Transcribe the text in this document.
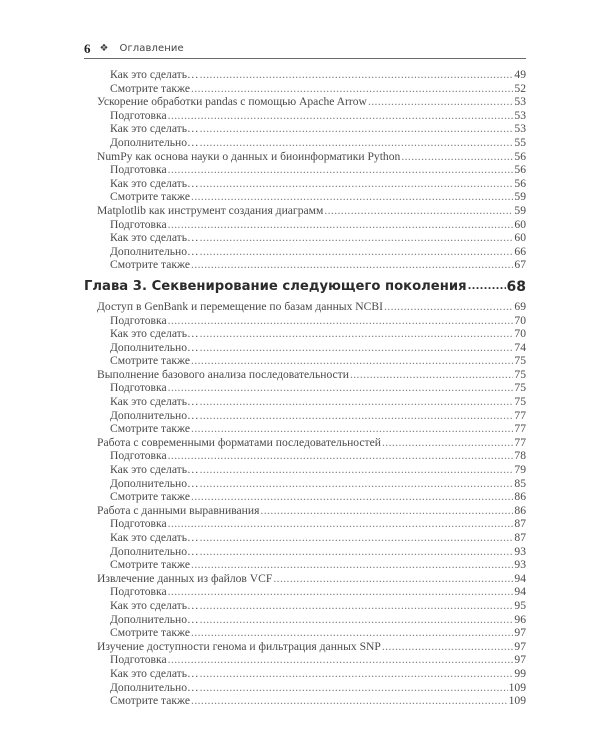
6 ❖ Оглавление
Как это сделать… .....	49
Смотрите также .....	52
Ускорение обработки pandas с помощью Apache Arrow .....	53
Подготовка .....	53
Как это сделать… .....	53
Дополнительно… .....	55
NumPy как основа науки о данных и биоинформатики Python .....	56
Подготовка .....	56
Как это сделать… .....	56
Смотрите также .....	59
Matplotlib как инструмент создания диаграмм .....	59
Подготовка .....	60
Как это сделать… .....	60
Дополнительно… .....	66
Смотрите также .....	67
Глава 3. Секвенирование следующего поколения .....	68
Доступ в GenBank и перемещение по базам данных NCBI .....	69
Подготовка .....	70
Как это сделать… .....	70
Дополнительно… .....	74
Смотрите также .....	75
Выполнение базового анализа последовательности .....	75
Подготовка .....	75
Как это сделать… .....	75
Дополнительно… .....	77
Смотрите также .....	77
Работа с современными форматами последовательностей .....	77
Подготовка .....	78
Как это сделать… .....	79
Дополнительно… .....	85
Смотрите также .....	86
Работа с данными выравнивания .....	86
Подготовка .....	87
Как это сделать… .....	87
Дополнительно… .....	93
Смотрите также .....	93
Извлечение данных из файлов VCF .....	94
Подготовка .....	94
Как это сделать… .....	95
Дополнительно… .....	96
Смотрите также .....	97
Изучение доступности генома и фильтрация данных SNP .....	97
Подготовка .....	97
Как это сделать… .....	99
Дополнительно… .....	109
Смотрите также .....	109
